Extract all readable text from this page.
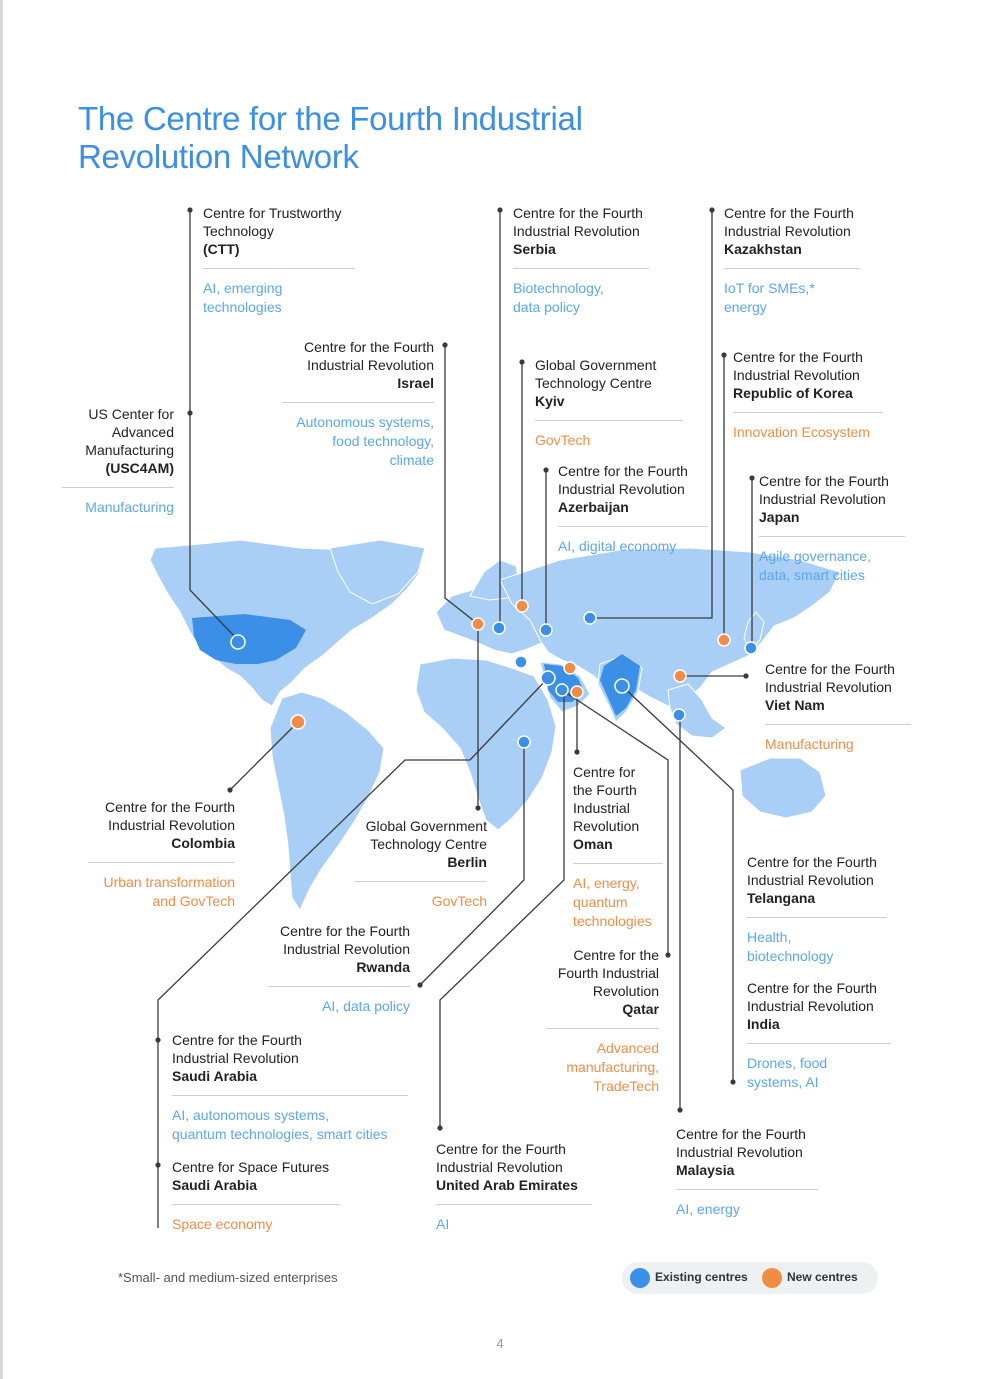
The Centre for the Fourth Industrial
Revolution Network
Centre for Trustworthy
Technology
(CTT)
AI, emerging
technologies
Centre for the Fourth
Industrial Revolution
Israel
Autonomous systems,
food technology,
climate
US Center for
Advanced
Manufacturing
(USC4AM)
Manufacturing
Centre for the Fourth
Industrial Revolution
Serbia
Biotechnology,
data policy
Global Government
Technology Centre
Kyiv
GovTech
Centre for the Fourth
Industrial Revolution
Azerbaijan
AI, digital economy
Centre for the Fourth
Industrial Revolution
Kazakhstan
IoT for SMEs,*
energy
Centre for the Fourth
Industrial Revolution
Republic of Korea
Innovation Ecosystem
Centre for the Fourth
Industrial Revolution
Japan
Agile governance,
data, smart cities
Centre for the Fourth
Industrial Revolution
Viet Nam
Manufacturing
Centre for the Fourth
Industrial Revolution
Colombia
Urban transformation
and GovTech
Global Government
Technology Centre
Berlin
GovTech
Centre for
the Fourth
Industrial
Revolution
Oman
AI, energy,
quantum
technologies
Centre for the Fourth
Industrial Revolution
Telangana
Health,
biotechnology
Centre for the Fourth
Industrial Revolution
India
Drones, food
systems, AI
Centre for the Fourth
Industrial Revolution
Rwanda
AI, data policy
Centre for the
Fourth Industrial
Revolution
Qatar
Advanced
manufacturing,
TradeTech
Centre for the Fourth
Industrial Revolution
Saudi Arabia
AI, autonomous systems,
quantum technologies, smart cities
Centre for Space Futures
Saudi Arabia
Space economy
Centre for the Fourth
Industrial Revolution
United Arab Emirates
AI
Centre for the Fourth
Industrial Revolution
Malaysia
AI, energy
*Small- and medium-sized enterprises	Existing centres	New centres
4
